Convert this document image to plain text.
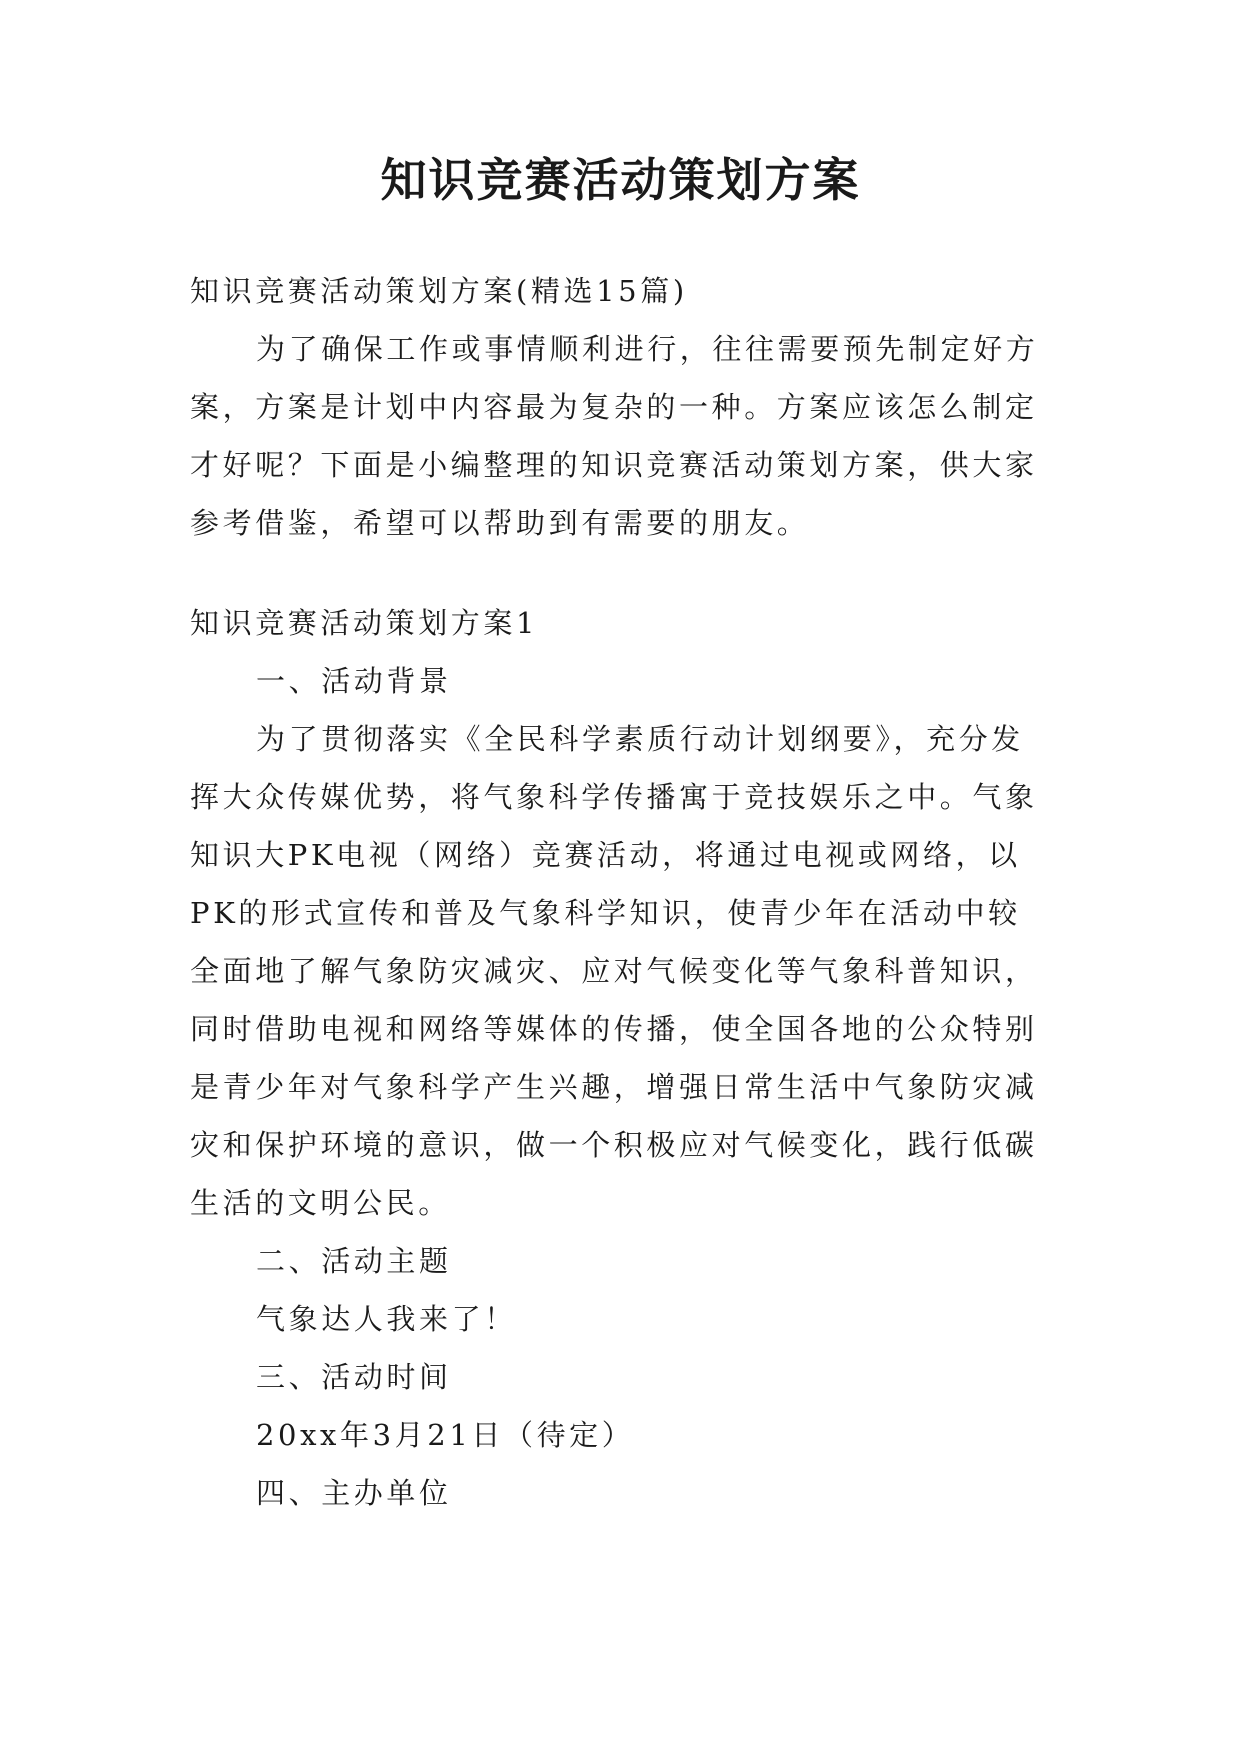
知识竞赛活动策划方案

知识竞赛活动策划方案(精选15篇)

为了确保工作或事情顺利进行，往往需要预先制定好方案，方案是计划中内容最为复杂的一种。方案应该怎么制定才好呢？下面是小编整理的知识竞赛活动策划方案，供大家参考借鉴，希望可以帮助到有需要的朋友。

知识竞赛活动策划方案1

一、活动背景

为了贯彻落实《全民科学素质行动计划纲要》，充分发挥大众传媒优势，将气象科学传播寓于竞技娱乐之中。气象知识大PK电视（网络）竞赛活动，将通过电视或网络，以PK的形式宣传和普及气象科学知识，使青少年在活动中较全面地了解气象防灾减灾、应对气候变化等气象科普知识，同时借助电视和网络等媒体的传播，使全国各地的公众特别是青少年对气象科学产生兴趣，增强日常生活中气象防灾减灾和保护环境的意识，做一个积极应对气候变化，践行低碳生活的文明公民。

二、活动主题

气象达人我来了！

三、活动时间

20xx年3月21日（待定）

四、主办单位
